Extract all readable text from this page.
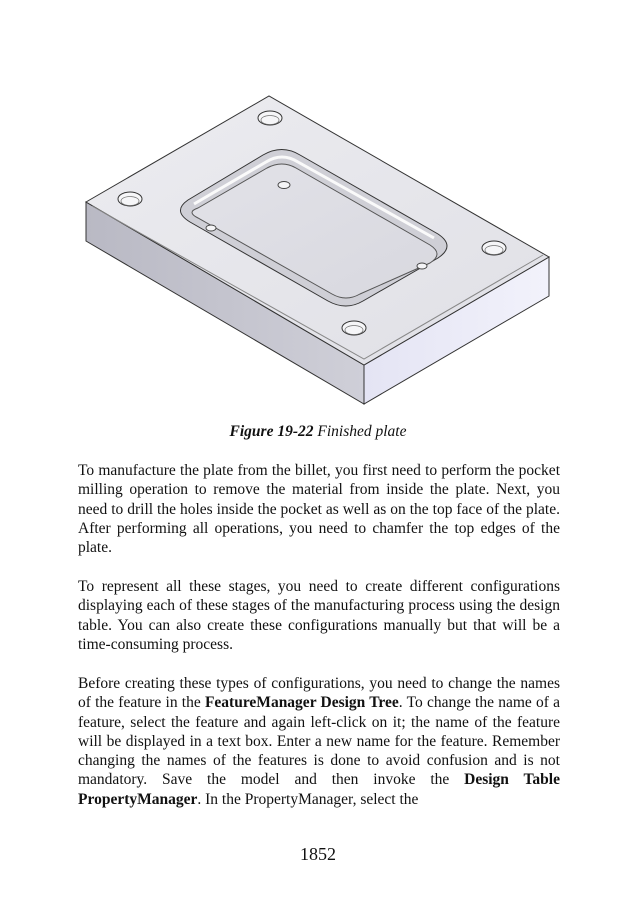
Figure 19-22 Finished plate

To manufacture the plate from the billet, you first need to perform the pocket milling operation to remove the material from inside the plate. Next, you need to drill the holes inside the pocket as well as on the top face of the plate. After performing all operations, you need to chamfer the top edges of the plate.

To represent all these stages, you need to create different configurations displaying each of these stages of the manufacturing process using the design table. You can also create these configurations manually but that will be a time-consuming process.

Before creating these types of configurations, you need to change the names of the feature in the FeatureManager Design Tree. To change the name of a feature, select the feature and again left-click on it; the name of the feature will be displayed in a text box. Enter a new name for the feature. Remember changing the names of the features is done to avoid confusion and is not mandatory. Save the model and then invoke the Design Table PropertyManager. In the PropertyManager, select the

1852
